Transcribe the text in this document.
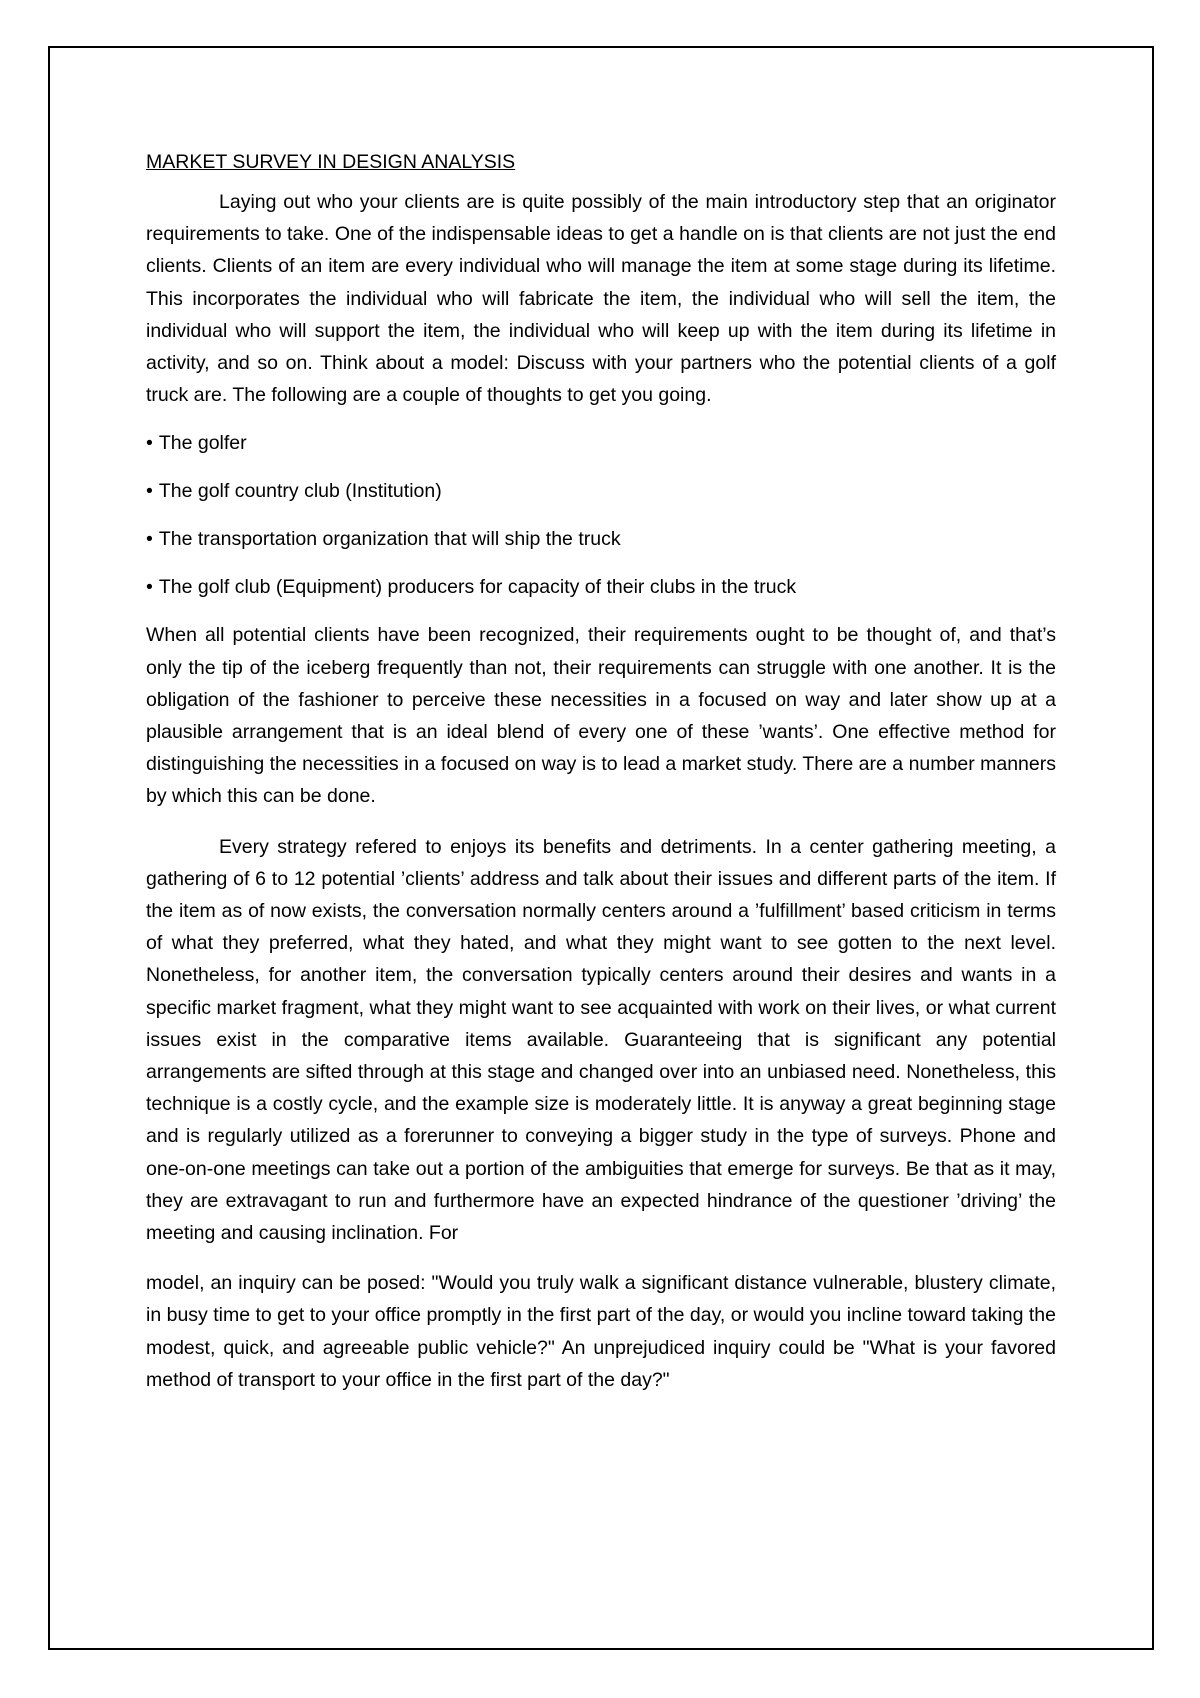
MARKET SURVEY IN DESIGN ANALYSIS

Laying out who your clients are is quite possibly of the main introductory step that an originator requirements to take. One of the indispensable ideas to get a handle on is that clients are not just the end clients. Clients of an item are every individual who will manage the item at some stage during its lifetime. This incorporates the individual who will fabricate the item, the individual who will sell the item, the individual who will support the item, the individual who will keep up with the item during its lifetime in activity, and so on. Think about a model: Discuss with your partners who the potential clients of a golf truck are. The following are a couple of thoughts to get you going.

• The golfer
• The golf country club (Institution)
• The transportation organization that will ship the truck
• The golf club (Equipment) producers for capacity of their clubs in the truck

When all potential clients have been recognized, their requirements ought to be thought of, and that’s only the tip of the iceberg frequently than not, their requirements can struggle with one another. It is the obligation of the fashioner to perceive these necessities in a focused on way and later show up at a plausible arrangement that is an ideal blend of every one of these ’wants’. One effective method for distinguishing the necessities in a focused on way is to lead a market study. There are a number manners by which this can be done.

Every strategy refered to enjoys its benefits and detriments. In a center gathering meeting, a gathering of 6 to 12 potential ’clients’ address and talk about their issues and different parts of the item. If the item as of now exists, the conversation normally centers around a ’fulfillment’ based criticism in terms of what they preferred, what they hated, and what they might want to see gotten to the next level. Nonetheless, for another item, the conversation typically centers around their desires and wants in a specific market fragment, what they might want to see acquainted with work on their lives, or what current issues exist in the comparative items available. Guaranteeing that is significant any potential arrangements are sifted through at this stage and changed over into an unbiased need. Nonetheless, this technique is a costly cycle, and the example size is moderately little. It is anyway a great beginning stage and is regularly utilized as a forerunner to conveying a bigger study in the type of surveys. Phone and one-on-one meetings can take out a portion of the ambiguities that emerge for surveys. Be that as it may, they are extravagant to run and furthermore have an expected hindrance of the questioner ’driving’ the meeting and causing inclination. For

model, an inquiry can be posed: "Would you truly walk a significant distance vulnerable, blustery climate, in busy time to get to your office promptly in the first part of the day, or would you incline toward taking the modest, quick, and agreeable public vehicle?" An unprejudiced inquiry could be "What is your favored method of transport to your office in the first part of the day?"
